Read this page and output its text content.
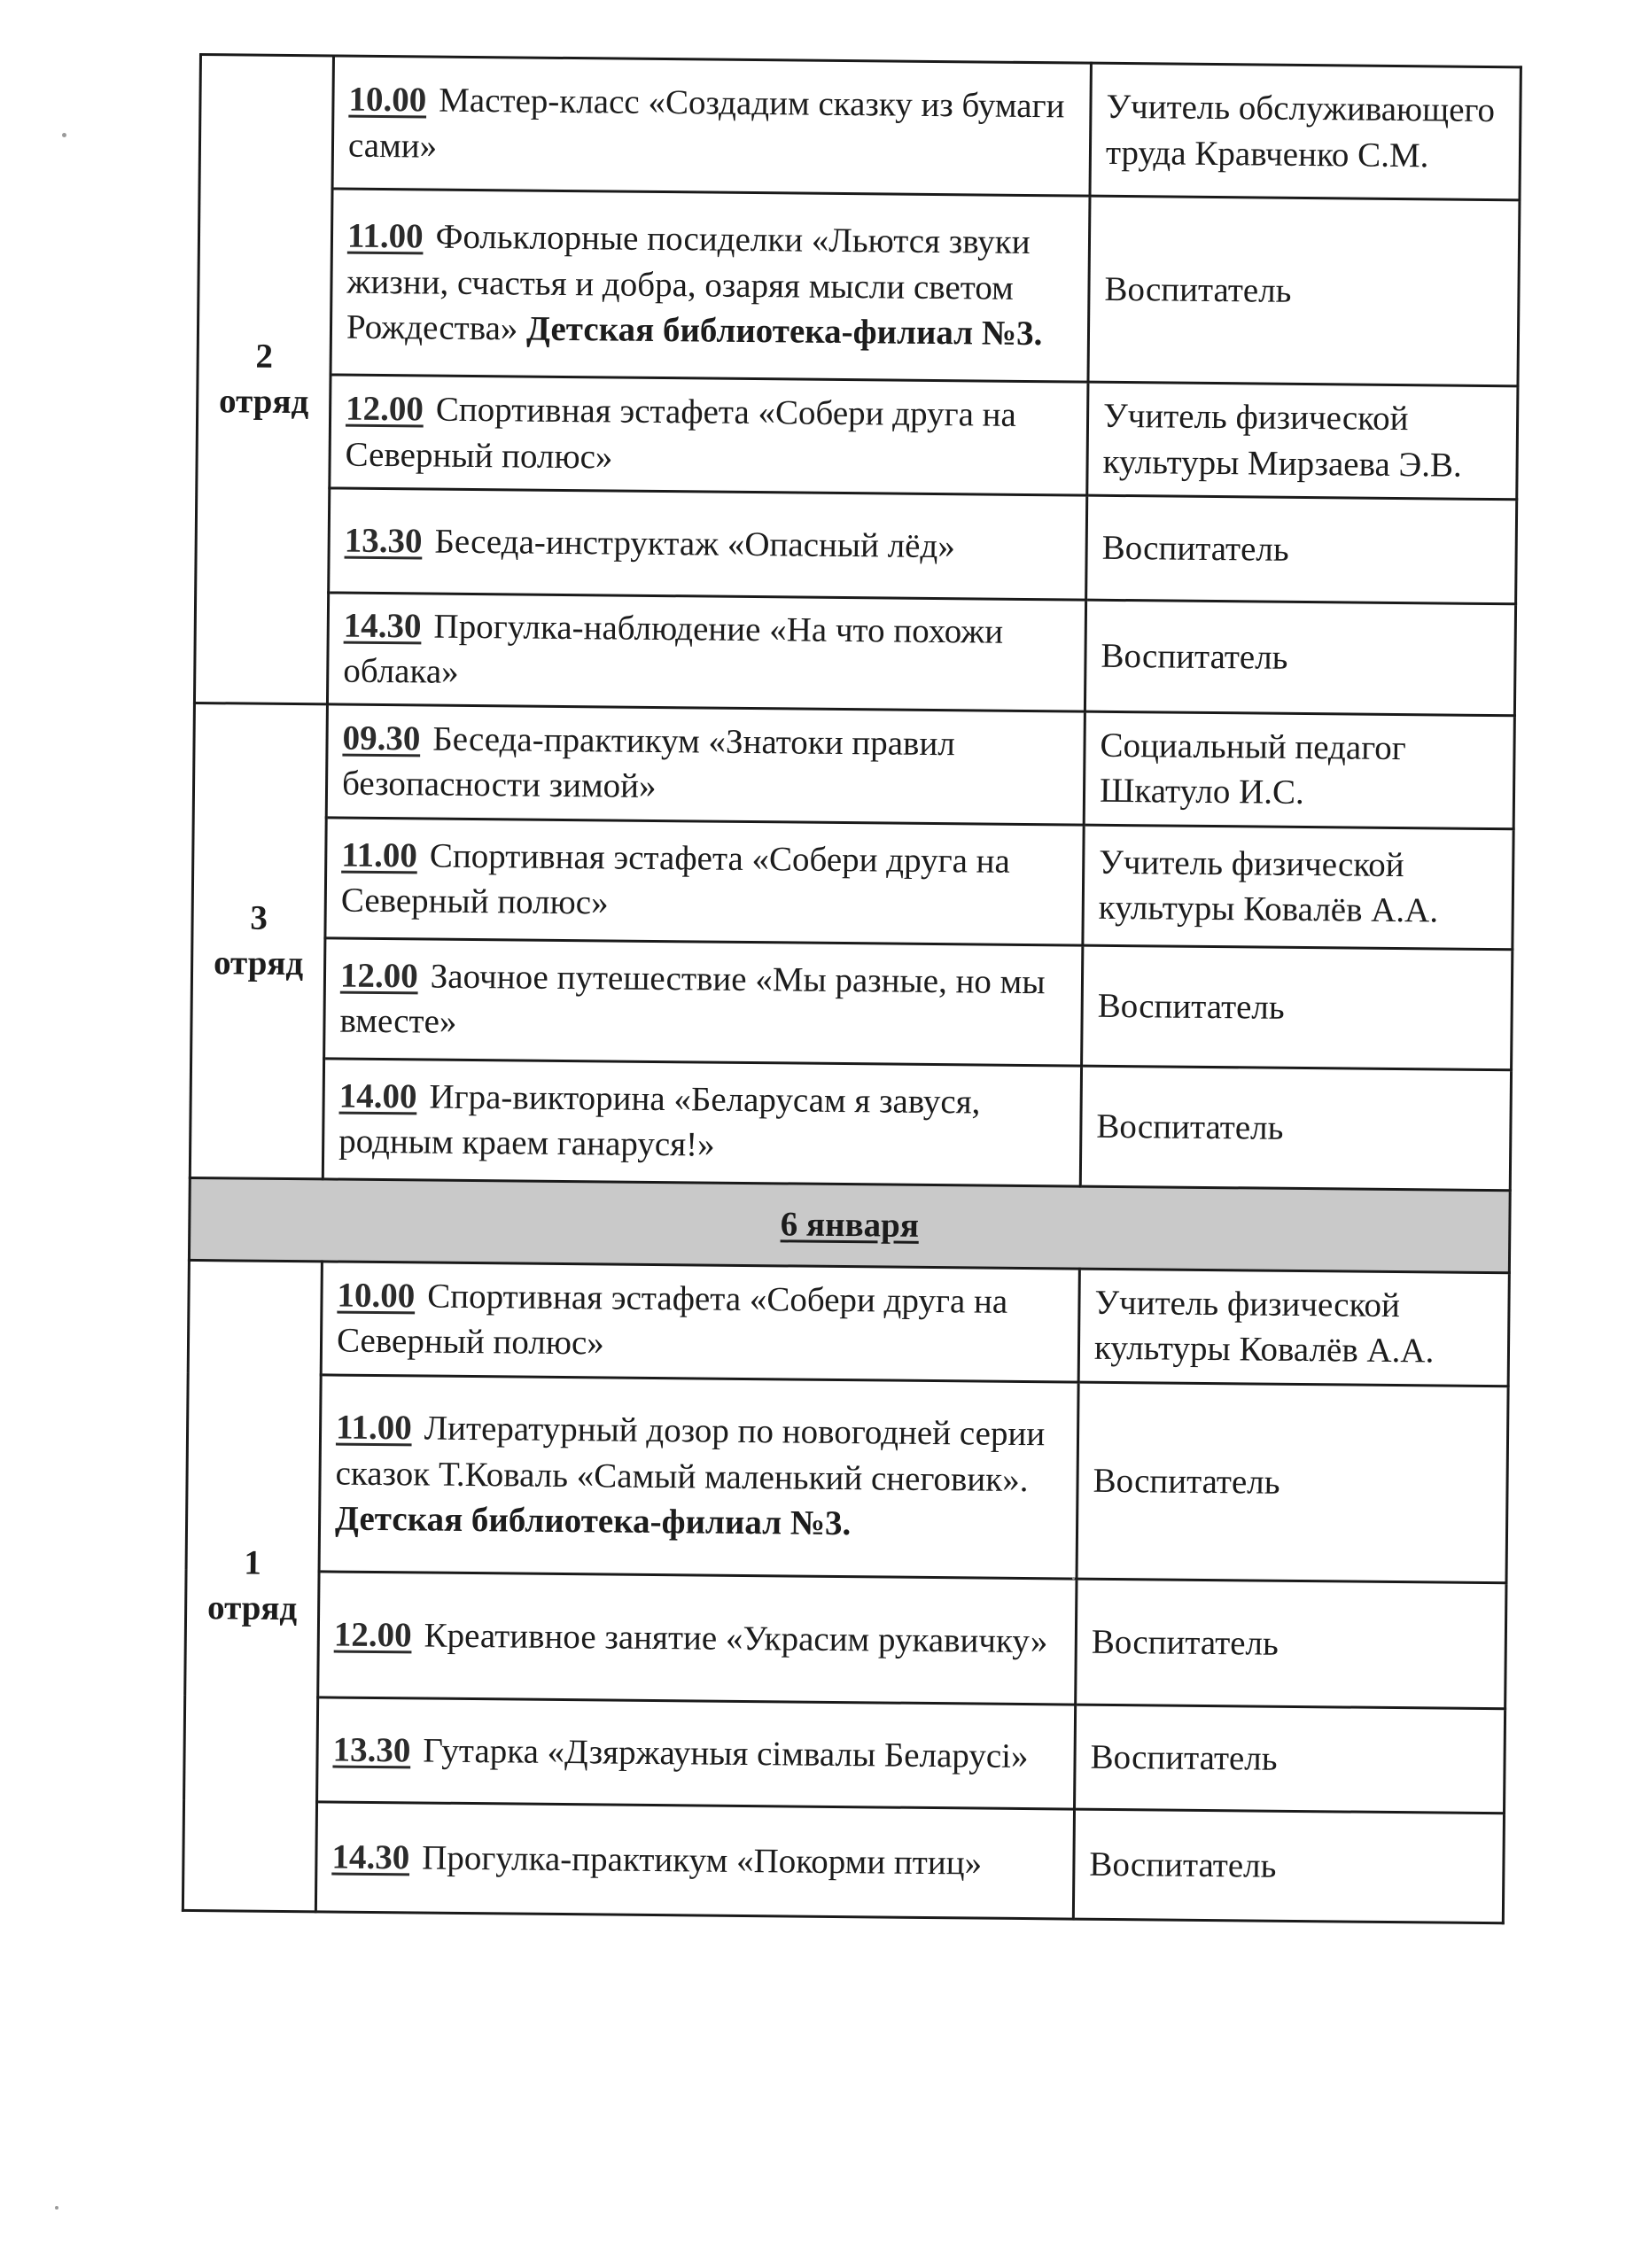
2 отряд	10.00 Мастер-класс «Создадим сказку из бумаги сами»	Учитель обслуживающего труда Кравченко С.М.
	11.00 Фольклорные посиделки «Льются звуки жизни, счастья и добра, озаряя мысли светом Рождества» Детская библиотека-филиал №3.	Воспитатель
	12.00 Спортивная эстафета «Собери друга на Северный полюс»	Учитель физической культуры Мирзаева Э.В.
	13.30 Беседа-инструктаж «Опасный лёд»	Воспитатель
	14.30 Прогулка-наблюдение «На что похожи облака»	Воспитатель
3 отряд	09.30 Беседа-практикум «Знатоки правил безопасности зимой»	Социальный педагог Шкатуло И.С.
	11.00 Спортивная эстафета «Собери друга на Северный полюс»	Учитель физической культуры Ковалёв А.А.
	12.00 Заочное путешествие «Мы разные, но мы вместе»	Воспитатель
	14.00 Игра-викторина «Беларусам я завуся, родным краем ганаруся!»	Воспитатель
6 января		
1 отряд	10.00 Спортивная эстафета «Собери друга на Северный полюс»	Учитель физической культуры Ковалёв А.А.
	11.00 Литературный дозор по новогодней серии сказок Т.Коваль «Самый маленький снеговик». Детская библиотека-филиал №3.	Воспитатель
	12.00 Креативное занятие «Украсим рукавичку»	Воспитатель
	13.30 Гутарка «Дзяржауныя сімвалы Беларусі»	Воспитатель
	14.30 Прогулка-практикум «Покорми птиц»	Воспитатель
